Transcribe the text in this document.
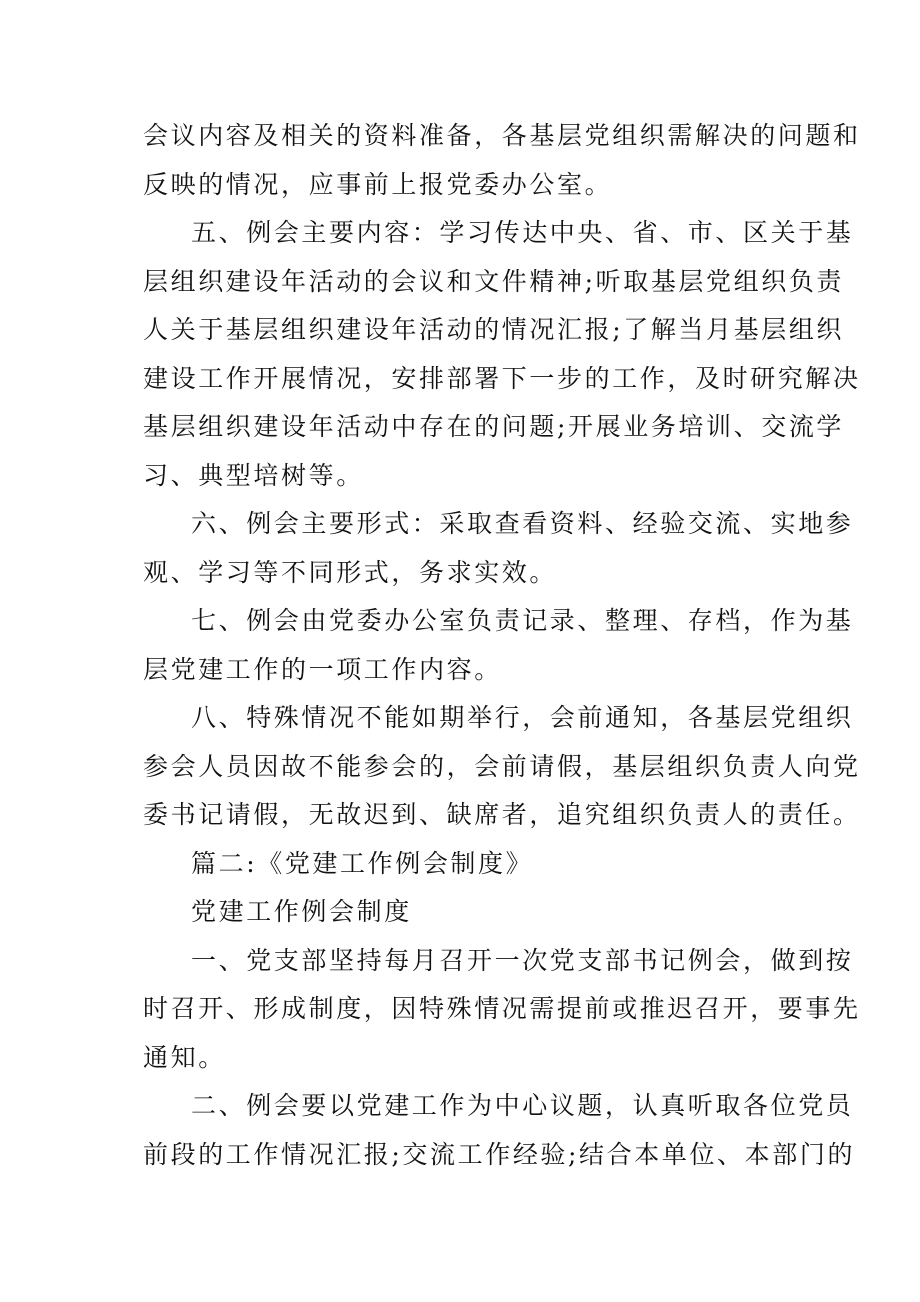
会议内容及相关的资料准备，各基层党组织需解决的问题和
反映的情况，应事前上报党委办公室。
五、例会主要内容：学习传达中央、省、市、区关于基
层组织建设年活动的会议和文件精神;听取基层党组织负责
人关于基层组织建设年活动的情况汇报;了解当月基层组织
建设工作开展情况，安排部署下一步的工作，及时研究解决
基层组织建设年活动中存在的问题;开展业务培训、交流学
习、典型培树等。
六、例会主要形式：采取查看资料、经验交流、实地参
观、学习等不同形式，务求实效。
七、例会由党委办公室负责记录、整理、存档，作为基
层党建工作的一项工作内容。
八、特殊情况不能如期举行，会前通知，各基层党组织
参会人员因故不能参会的，会前请假，基层组织负责人向党
委书记请假，无故迟到、缺席者，追究组织负责人的责任。
篇二:《党建工作例会制度》
党建工作例会制度
一、党支部坚持每月召开一次党支部书记例会，做到按
时召开、形成制度，因特殊情况需提前或推迟召开，要事先
通知。
二、例会要以党建工作为中心议题，认真听取各位党员
前段的工作情况汇报;交流工作经验;结合本单位、本部门的
